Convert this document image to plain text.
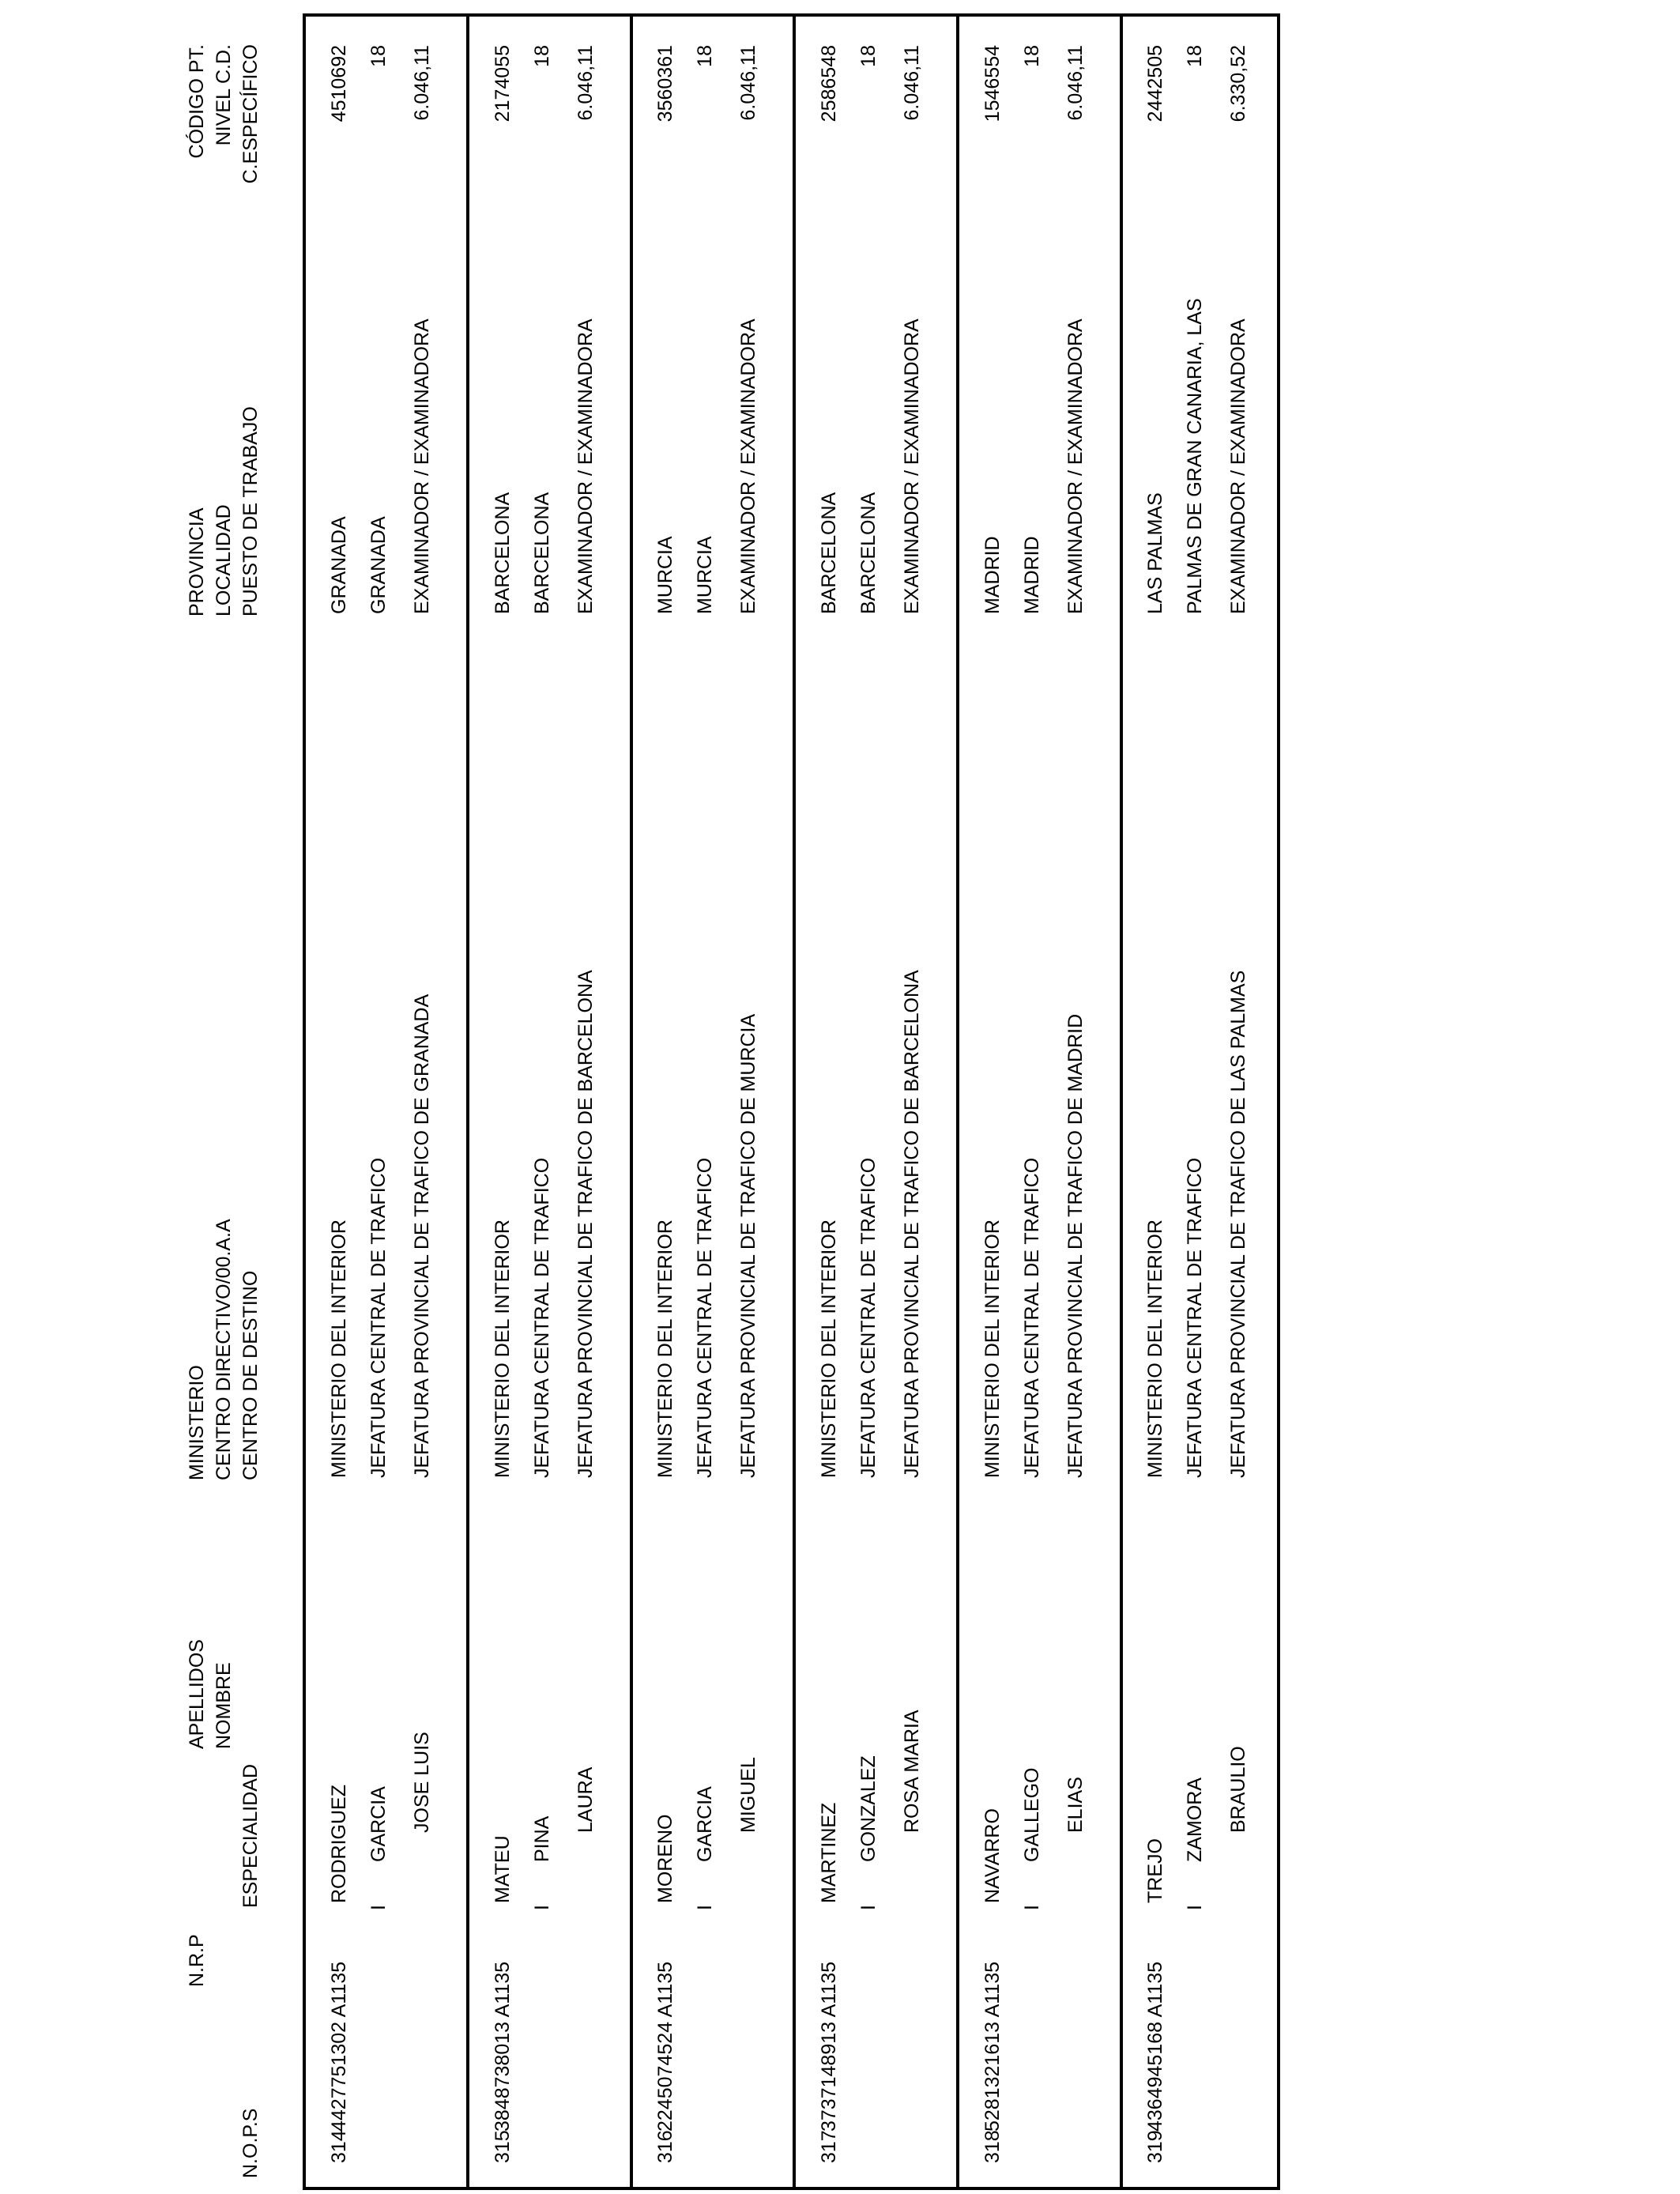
N.O.P.S
N.R.P
ESPECIALIDAD
APELLIDOS NOMBRE
MINISTERIO CENTRO DIRECTIVO/00.A.A CENTRO DE DESTINO
PROVINCIA LOCALIDAD PUESTO DE TRABAJO
CÓDIGO PT. NIVEL C.D. C.ESPECÍFICO
314
4427751302 A1135
I
RODRIGUEZ GARCIA JOSE LUIS
MINISTERIO DEL INTERIOR JEFATURA CENTRAL DE TRAFICO JEFATURA PROVINCIAL DE TRAFICO DE GRANADA
GRANADA GRANADA EXAMINADOR / EXAMINADORA
4510692 18 6.046,11
315
3848738013 A1135
I
MATEU PINA
LAURA
MINISTERIO DEL INTERIOR JEFATURA CENTRAL DE TRAFICO JEFATURA PROVINCIAL DE TRAFICO DE BARCELONA
BARCELONA BARCELONA EXAMINADOR / EXAMINADORA
2174055 18 6.046,11
316
2245074524 A1135
I
MORENO GARCIA MIGUEL
MINISTERIO DEL INTERIOR JEFATURA CENTRAL DE TRAFICO JEFATURA PROVINCIAL DE TRAFICO DE MURCIA
MURCIA MURCIA EXAMINADOR / EXAMINADORA
3560361 18 6.046,11
317
3737148913 A1135
I
MARTINEZ GONZALEZ ROSA MARIA
MINISTERIO DEL INTERIOR JEFATURA CENTRAL DE TRAFICO JEFATURA PROVINCIAL DE TRAFICO DE BARCELONA
BARCELONA BARCELONA EXAMINADOR / EXAMINADORA
2586548 18 6.046,11
318
5281321613 A1135
I
NAVARRO GALLEGO ELIAS
MINISTERIO DEL INTERIOR JEFATURA CENTRAL DE TRAFICO JEFATURA PROVINCIAL DE TRAFICO DE MADRID
MADRID MADRID EXAMINADOR / EXAMINADORA
1546554 18 6.046,11
319
4364945168 A1135
I
TREJO
ZAMORA BRAULIO
MINISTERIO DEL INTERIOR JEFATURA CENTRAL DE TRAFICO JEFATURA PROVINCIAL DE TRAFICO DE LAS PALMAS
LAS PALMAS PALMAS DE GRAN CANARIA, LAS EXAMINADOR / EXAMINADORA
2442505 18 6.330,52
